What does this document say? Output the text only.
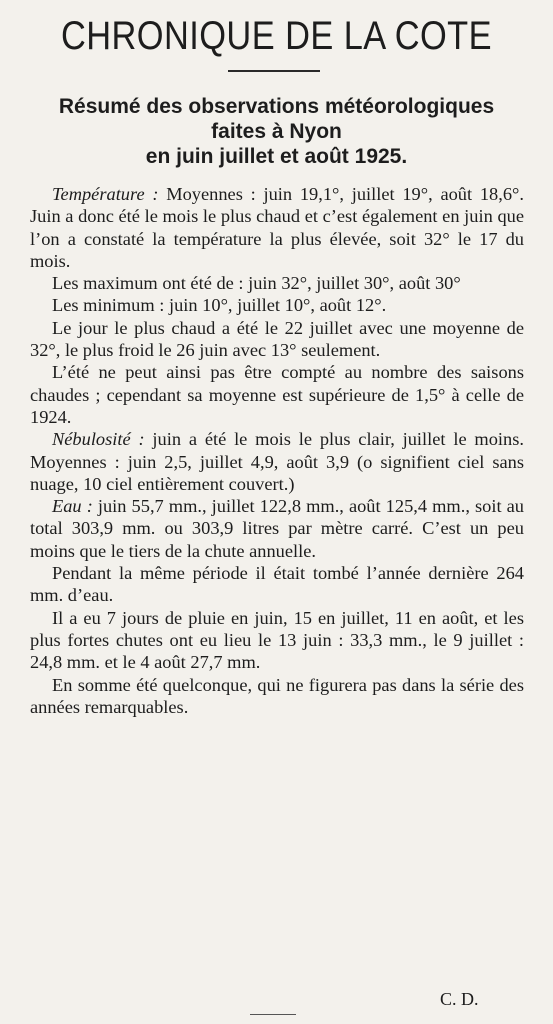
CHRONIQUE DE LA COTE
Résumé des observations météorologiques
faites à Nyon
en juin juillet et août 1925.

Température : Moyennes : juin 19,1°, juillet 19°, août 18,6°. Juin a donc été le mois le plus chaud et c’est également en juin que l’on a constaté la température la plus élevée, soit 32° le 17 du mois.

Les maximum ont été de : juin 32°, juillet 30°, août 30°

Les minimum : juin 10°, juillet 10°, août 12°.

Le jour le plus chaud a été le 22 juillet avec une moyenne de 32°, le plus froid le 26 juin avec 13° seulement.

L’été ne peut ainsi pas être compté au nombre des saisons chaudes ; cependant sa moyenne est supérieure de 1,5° à celle de 1924.

Nébulosité : juin a été le mois le plus clair, juillet le moins. Moyennes : juin 2,5, juillet 4,9, août 3,9 (o signifient ciel sans nuage, 10 ciel entièrement couvert.)

Eau : juin 55,7 mm., juillet 122,8 mm., août 125,4 mm., soit au total 303,9 mm. ou 303,9 litres par mètre carré. C’est un peu moins que le tiers de la chute annuelle.

Pendant la même période il était tombé l’année dernière 264 mm. d’eau.

Il a eu 7 jours de pluie en juin, 15 en juillet, 11 en août, et les plus fortes chutes ont eu lieu le 13 juin : 33,3 mm., le 9 juillet : 24,8 mm. et le 4 août 27,7 mm.

En somme été quelconque, qui ne figurera pas dans la série des années remarquables.

C. D.
